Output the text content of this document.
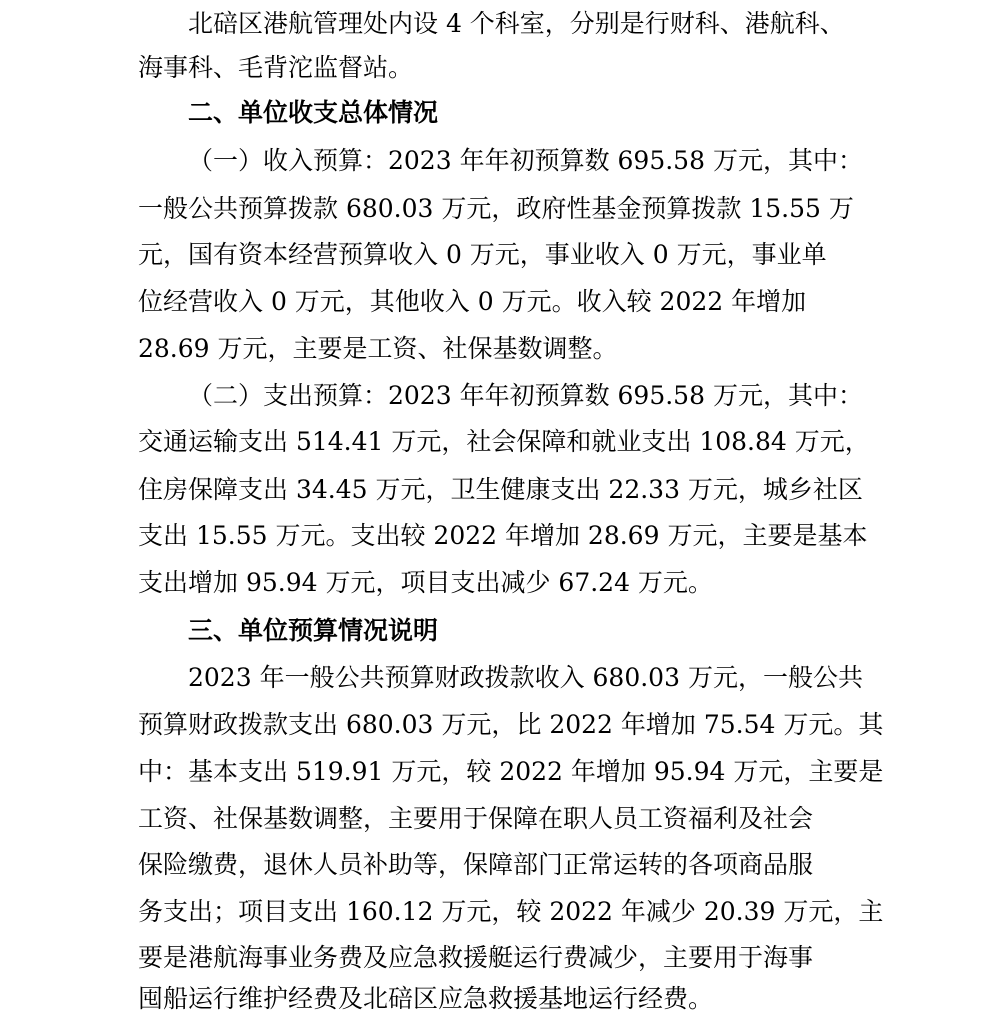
北碚区港航管理处内设 4 个科室，分别是行财科、港航科、
海事科、毛背沱监督站。
二、单位收支总体情况
（一）收入预算：2023 年年初预算数 695.58 万元，其中：
一般公共预算拨款 680.03 万元，政府性基金预算拨款 15.55 万
元，国有资本经营预算收入 0 万元，事业收入 0 万元，事业单
位经营收入 0 万元，其他收入 0 万元。收入较 2022 年增加
28.69 万元，主要是工资、社保基数调整。
（二）支出预算：2023 年年初预算数 695.58 万元，其中：
交通运输支出 514.41 万元，社会保障和就业支出 108.84 万元，
住房保障支出 34.45 万元，卫生健康支出 22.33 万元，城乡社区
支出 15.55 万元。支出较 2022 年增加 28.69 万元，主要是基本
支出增加 95.94 万元，项目支出减少 67.24 万元。
三、单位预算情况说明
2023 年一般公共预算财政拨款收入 680.03 万元，一般公共
预算财政拨款支出 680.03 万元，比 2022 年增加 75.54 万元。其
中：基本支出 519.91 万元，较 2022 年增加 95.94 万元，主要是
工资、社保基数调整，主要用于保障在职人员工资福利及社会
保险缴费，退休人员补助等，保障部门正常运转的各项商品服
务支出；项目支出 160.12 万元，较 2022 年减少 20.39 万元，主
要是港航海事业务费及应急救援艇运行费减少，主要用于海事
囤船运行维护经费及北碚区应急救援基地运行经费。
